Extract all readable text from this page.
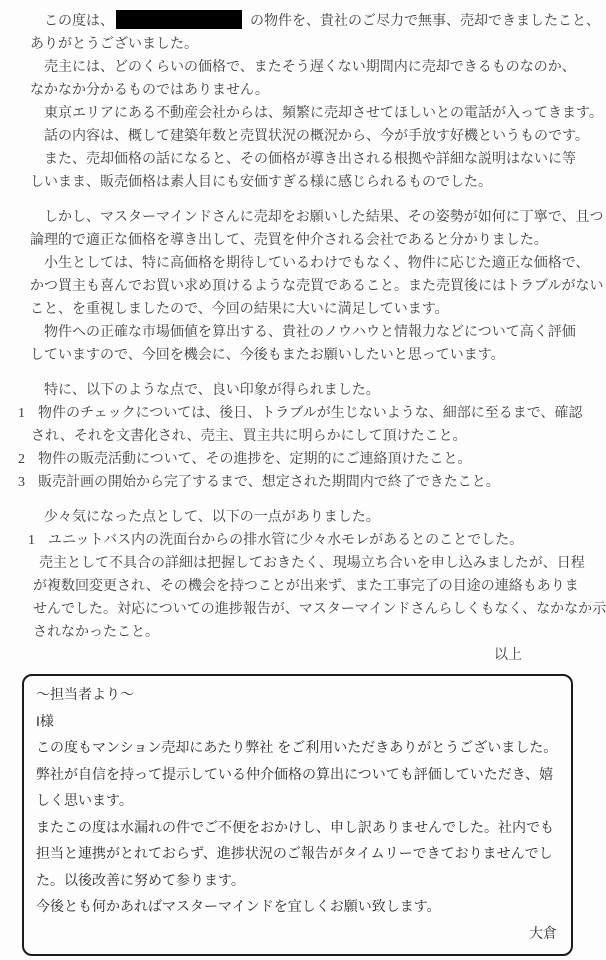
　この度は、	の物件を、貴社のご尽力で無事、売却できましたこと、
ありがとうございました。
　売主には、どのくらいの価格で、またそう遅くない期間内に売却できるものなのか、
なかなか分かるものではありません。
　東京エリアにある不動産会社からは、頻繁に売却させてほしいとの電話が入ってきます。
　話の内容は、概して建築年数と売買状況の概況から、今が手放す好機というものです。
　また、売却価格の話になると、その価格が導き出される根拠や詳細な説明はないに等
しいまま、販売価格は素人目にも安価すぎる様に感じられるものでした。
　しかし、マスターマインドさんに売却をお願いした結果、その姿勢が如何に丁寧で、且つ
論理的で適正な価格を導き出して、売買を仲介される会社であると分かりました。
　小生としては、特に高価格を期待しているわけでもなく、物件に応じた適正な価格で、
かつ買主も喜んでお買い求め頂けるような売買であること。また売買後にはトラブルがない
こと、を重視しましたので、今回の結果に大いに満足しています。
　物件への正確な市場価値を算出する、貴社のノウハウと情報力などについて高く評価
していますので、今回を機会に、今後もまたお願いしたいと思っています。
　特に、以下のような点で、良い印象が得られました。
1 物件のチェックについては、後日、トラブルが生じないような、細部に至るまで、確認
され、それを文書化され、売主、買主共に明らかにして頂けたこと。
2 物件の販売活動について、その進捗を、定期的にご連絡頂けたこと。
3 販売計画の開始から完了するまで、想定された期間内で終了できたこと。
　少々気になった点として、以下の一点がありました。
1 ユニットバス内の洗面台からの排水管に少々水モレがあるとのことでした。
売主として不具合の詳細は把握しておきたく、現場立ち合いを申し込みましたが、日程
が複数回変更され、その機会を持つことが出来ず、また工事完了の目途の連絡もありま
せんでした。対応についての進捗報告が、マスターマインドさんらしくもなく、なかなか示
されなかったこと。
以上
～担当者より～
I様
この度もマンション売却にあたり弊社 をご利用いただきありがとうございました。
弊社が自信を持って提示している仲介価格の算出についても評価していただき、嬉
しく思います。
またこの度は水漏れの件でご不便をおかけし、申し訳ありませんでした。社内でも
担当と連携がとれておらず、進捗状況のご報告がタイムリーできておりませんでし
た。以後改善に努めて参ります。
今後とも何かあればマスターマインドを宜しくお願い致します。
大倉
